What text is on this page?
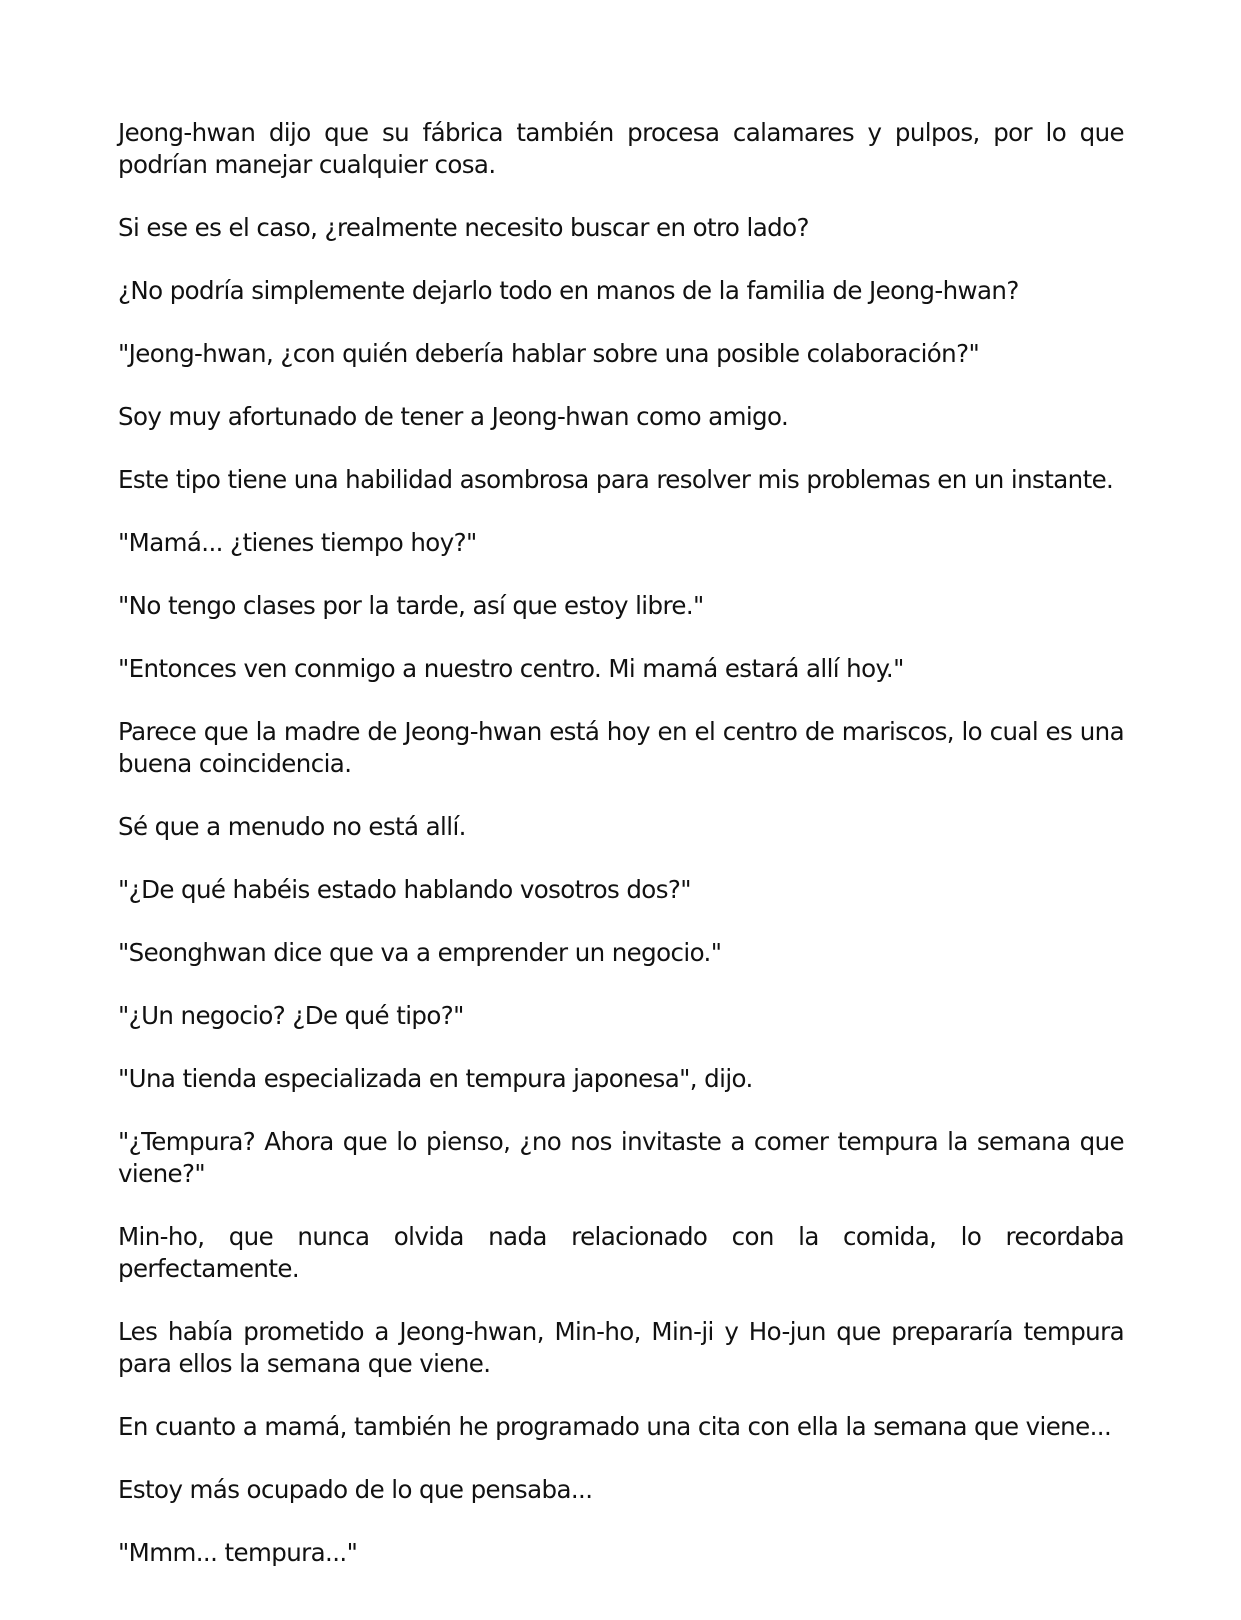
Jeong-hwan dijo que su fábrica también procesa calamares y pulpos, por lo que podrían manejar cualquier cosa.

Si ese es el caso, ¿realmente necesito buscar en otro lado?

¿No podría simplemente dejarlo todo en manos de la familia de Jeong-hwan?

"Jeong-hwan, ¿con quién debería hablar sobre una posible colaboración?"

Soy muy afortunado de tener a Jeong-hwan como amigo.

Este tipo tiene una habilidad asombrosa para resolver mis problemas en un instante.

"Mamá... ¿tienes tiempo hoy?"

"No tengo clases por la tarde, así que estoy libre."

"Entonces ven conmigo a nuestro centro. Mi mamá estará allí hoy."

Parece que la madre de Jeong-hwan está hoy en el centro de mariscos, lo cual es una buena coincidencia.

Sé que a menudo no está allí.

"¿De qué habéis estado hablando vosotros dos?"

"Seonghwan dice que va a emprender un negocio."

"¿Un negocio? ¿De qué tipo?"

"Una tienda especializada en tempura japonesa", dijo.

"¿Tempura? Ahora que lo pienso, ¿no nos invitaste a comer tempura la semana que viene?"

Min-ho, que nunca olvida nada relacionado con la comida, lo recordaba perfectamente.

Les había prometido a Jeong-hwan, Min-ho, Min-ji y Ho-jun que prepararía tempura para ellos la semana que viene.

En cuanto a mamá, también he programado una cita con ella la semana que viene...

Estoy más ocupado de lo que pensaba...

"Mmm... tempura..."
